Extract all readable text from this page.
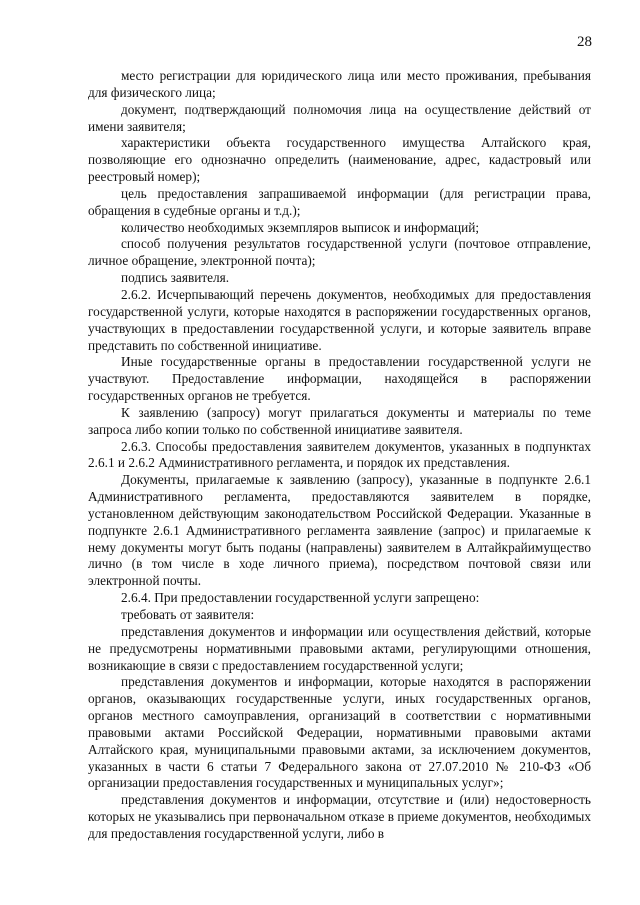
28

место регистрации для юридического лица или место проживания, пребывания для физического лица;

документ, подтверждающий полномочия лица на осуществление действий от имени заявителя;

характеристики объекта государственного имущества Алтайского края, позволяющие его однозначно определить (наименование, адрес, кадастровый или реестровый номер);

цель предоставления запрашиваемой информации (для регистрации права, обращения в судебные органы и т.д.);

количество необходимых экземпляров выписок и информаций;

способ получения результатов государственной услуги (почтовое отправление, личное обращение, электронной почта);

подпись заявителя.

2.6.2. Исчерпывающий перечень документов, необходимых для предоставления государственной услуги, которые находятся в распоряжении государственных органов, участвующих в предоставлении государственной услуги, и которые заявитель вправе представить по собственной инициативе.

Иные государственные органы в предоставлении государственной услуги не участвуют. Предоставление информации, находящейся в распоряжении государственных органов не требуется.

К заявлению (запросу) могут прилагаться документы и материалы по теме запроса либо копии только по собственной инициативе заявителя.

2.6.3. Способы предоставления заявителем документов, указанных в подпунктах 2.6.1 и 2.6.2 Административного регламента, и порядок их представления.

Документы, прилагаемые к заявлению (запросу), указанные в подпункте 2.6.1 Административного регламента, предоставляются заявителем в порядке, установленном действующим законодательством Российской Федерации. Указанные в подпункте 2.6.1 Административного регламента заявление (запрос) и прилагаемые к нему документы могут быть поданы (направлены) заявителем в Алтайкрайимущество лично (в том числе в ходе личного приема), посредством почтовой связи или электронной почты.

2.6.4. При предоставлении государственной услуги запрещено:

требовать от заявителя:

представления документов и информации или осуществления действий, которые не предусмотрены нормативными правовыми актами, регулирующими отношения, возникающие в связи с предоставлением государственной услуги;

представления документов и информации, которые находятся в распоряжении органов, оказывающих государственные услуги, иных государственных органов, органов местного самоуправления, организаций в соответствии с нормативными правовыми актами Российской Федерации, нормативными правовыми актами Алтайского края, муниципальными правовыми актами, за исключением документов, указанных в части 6 статьи 7 Федерального закона от 27.07.2010 № 210-ФЗ «Об организации предоставления государственных и муниципальных услуг»;

представления документов и информации, отсутствие и (или) недостоверность которых не указывались при первоначальном отказе в приеме документов, необходимых для предоставления государственной услуги, либо в
